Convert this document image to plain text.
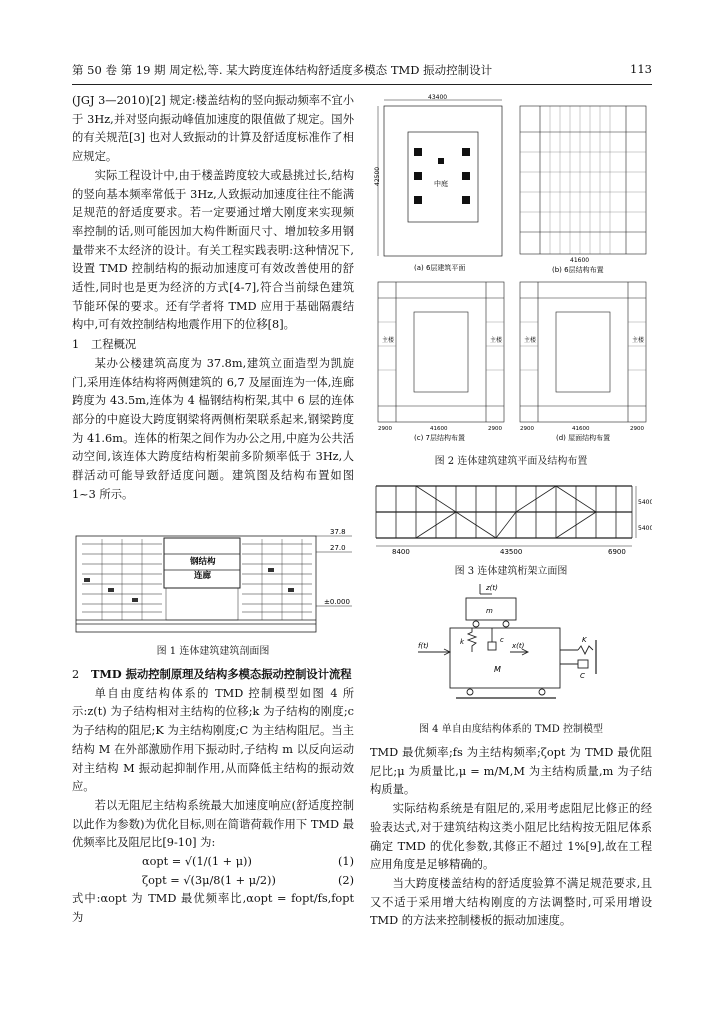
第 50 卷 第 19 期 周定松,等. 某大跨度连体结构舒适度多模态 TMD 振动控制设计	113

(JGJ 3—2010)[2] 规定:楼盖结构的竖向振动频率不宜小于 3Hz,并对竖向振动峰值加速度的限值做了规定。国外的有关规范[3] 也对人致振动的计算及舒适度标准作了相应规定。

实际工程设计中,由于楼盖跨度较大或悬挑过长,结构的竖向基本频率常低于 3Hz,人致振动加速度往往不能满足规范的舒适度要求。若一定要通过增大刚度来实现频率控制的话,则可能因加大构件断面尺寸、增加较多用钢量带来不太经济的设计。有关工程实践表明:这种情况下,设置 TMD 控制结构的振动加速度可有效改善使用的舒适性,同时也是更为经济的方式[4-7],符合当前绿色建筑节能环保的要求。还有学者将 TMD 应用于基础隔震结构中,可有效控制结构地震作用下的位移[8]。

1 工程概况

某办公楼建筑高度为 37.8m,建筑立面造型为凯旋门,采用连体结构将两侧建筑的 6,7 及屋面连为一体,连廊跨度为 43.5m,连体为 4 榀钢结构桁架,其中 6 层的连体部分的中庭设大跨度钢梁将两侧桁架联系起来,钢梁跨度为 41.6m。连体的桁架之间作为办公之用,中庭为公共活动空间,该连体大跨度结构桁架前多阶频率低于 3Hz,人群活动可能导致舒适度问题。建筑图及结构布置如图 1~3 所示。

37.8
27.0
±0.000
钢结构
连廊
图 1 连体建筑建筑剖面图

2 TMD 振动控制原理及结构多模态振动控制设计流程

单自由度结构体系的 TMD 控制模型如图 4 所示:z(t) 为子结构相对主结构的位移;k 为子结构的刚度;c 为子结构的阻尼;K 为主结构刚度;C 为主结构阻尼。当主结构 M 在外部激励作用下振动时,子结构 m 以反向运动对主结构 M 振动起抑制作用,从而降低主结构的振动效应。

若以无阻尼主结构系统最大加速度响应(舒适度控制以此作为参数)为优化目标,则在简谐荷载作用下 TMD 最优频率比及阻尼比[9-10] 为:

αopt = √(1/(1 + μ))	(1)
ζopt = √(3μ/8(1 + μ/2))	(2)

式中:αopt 为 TMD 最优频率比,αopt = fopt/fs,fopt 为

43400
42500	中庭
(a) 6层建筑平面
41600
(b) 6层结构布置
主楼	主楼
2900	41600	2900
(c) 7层结构布置
主楼	主楼
2900	41600	2900
(d) 屋面结构布置
图 2 连体建筑建筑平面及结构布置
5400
5400
8400	43500	6900
图 3 连体建筑桁架立面图
z(t)
m
k	c
M
x(t)
f(t)
K
C
图 4 单自由度结构体系的 TMD 控制模型

TMD 最优频率;fs 为主结构频率;ζopt 为 TMD 最优阻尼比;μ 为质量比,μ = m/M,M 为主结构质量,m 为子结构质量。

实际结构系统是有阻尼的,采用考虑阻尼比修正的经验表达式,对于建筑结构这类小阻尼比结构按无阻尼体系确定 TMD 的优化参数,其修正不超过 1%[9],故在工程应用角度是足够精确的。

当大跨度楼盖结构的舒适度验算不满足规范要求,且又不适于采用增大结构刚度的方法调整时,可采用增设 TMD 的方法来控制楼板的振动加速度。
